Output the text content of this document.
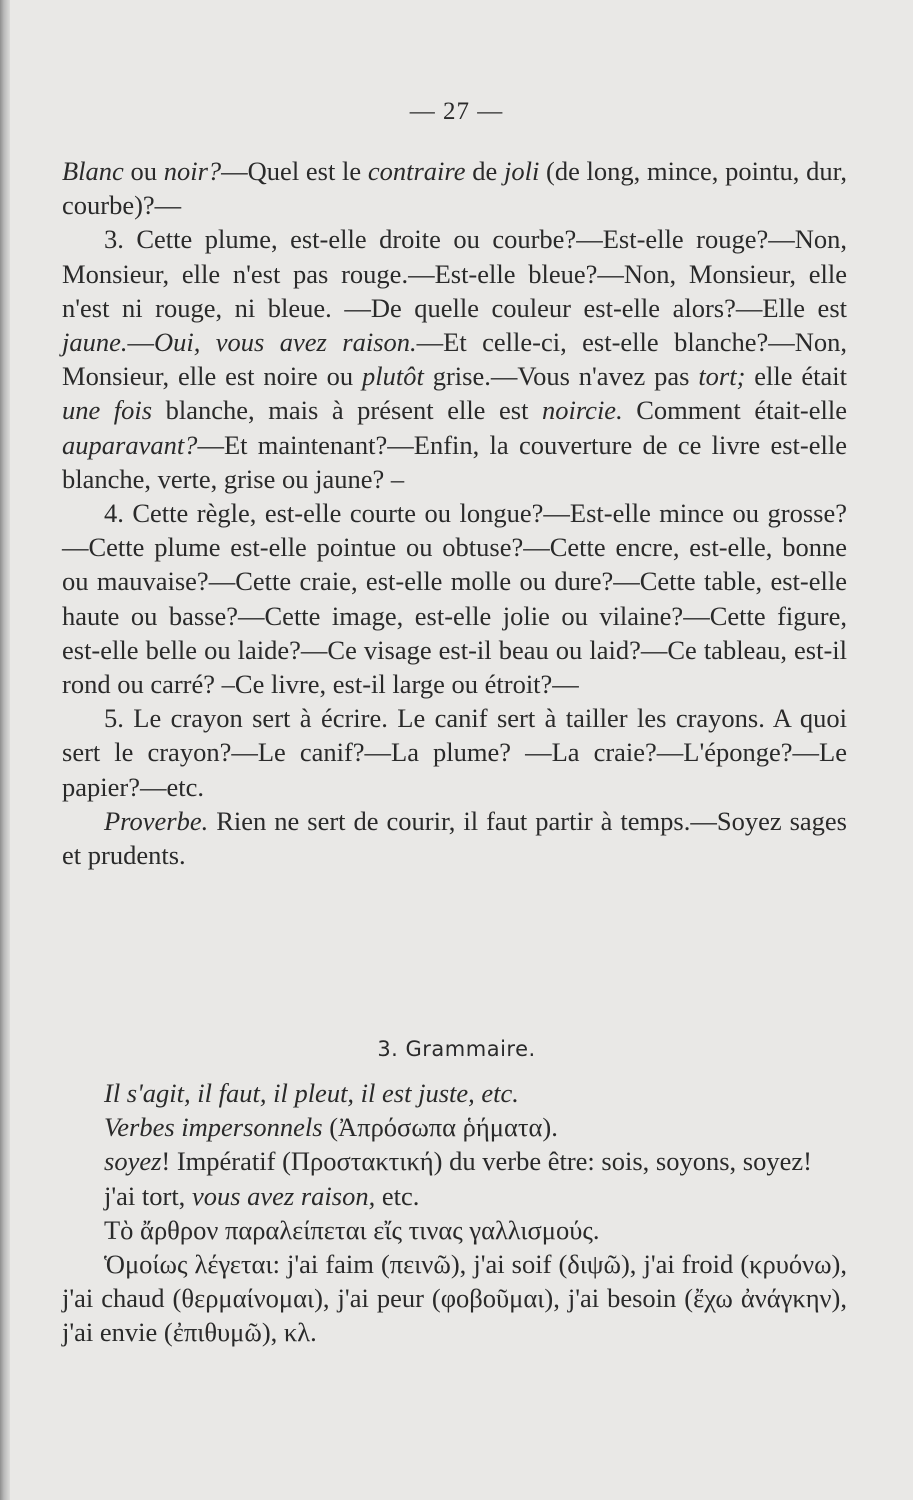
— 27 —

Blanc ou noir?—Quel est le contraire de joli (de long, mince, pointu, dur, courbe)?—

3. Cette plume, est-elle droite ou courbe?—Est-elle rouge?—Non, Monsieur, elle n'est pas rouge.—Est-elle bleue?—Non, Monsieur, elle n'est ni rouge, ni bleue. —De quelle couleur est-elle alors?—Elle est jaune.—Oui, vous avez raison.—Et celle-ci, est-elle blanche?—Non, Monsieur, elle est noire ou plutôt grise.—Vous n'avez pas tort; elle était une fois blanche, mais à présent elle est noircie. Comment était-elle auparavant?—Et maintenant?—Enfin, la couverture de ce livre est-elle blanche, verte, grise ou jaune? –

4. Cette règle, est-elle courte ou longue?—Est-elle mince ou grosse?—Cette plume est-elle pointue ou obtuse?—Cette encre, est-elle, bonne ou mauvaise?—Cette craie, est-elle molle ou dure?—Cette table, est-elle haute ou basse?—Cette image, est-elle jolie ou vilaine?—Cette figure, est-elle belle ou laide?—Ce visage est-il beau ou laid?—Ce tableau, est-il rond ou carré? –Ce livre, est-il large ou étroit?—

5. Le crayon sert à écrire. Le canif sert à tailler les crayons. A quoi sert le crayon?—Le canif?—La plume? —La craie?—L'éponge?—Le papier?—etc.

Proverbe. Rien ne sert de courir, il faut partir à temps.—Soyez sages et prudents.

3. Grammaire.

Il s'agit, il faut, il pleut, il est juste, etc.

Verbes impersonnels (Ἀπρόσωπα ῥήματα).

soyez! Impératif (Προστακτική) du verbe être: sois, soyons, soyez!

j'ai tort, vous avez raison, etc.

Τὸ ἄρθρον παραλείπεται εἴς τινας γαλλισμούς.

Ὁμοίως λέγεται: j'ai faim (πεινῶ), j'ai soif (διψῶ), j'ai froid (κρυόνω), j'ai chaud (θερμαίνομαι), j'ai peur (φοβοῦμαι), j'ai besoin (ἔχω ἀνάγκην), j'ai envie (ἐπιθυμῶ), κλ.
